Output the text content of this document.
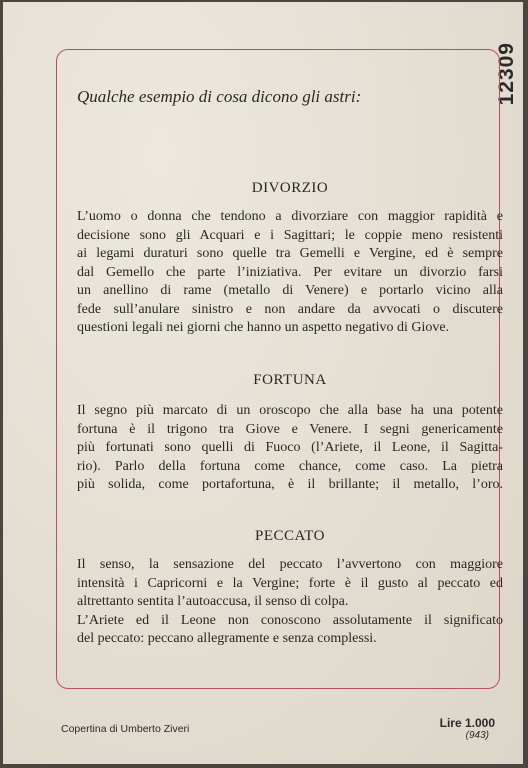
12309
Qualche esempio di cosa dicono gli astri:
DIVORZIO

L’uomo o donna che tendono a divorziare con maggior rapidità e
decisione sono gli Acquari e i Sagittari; le coppie meno resistenti
ai legami duraturi sono quelle tra Gemelli e Vergine, ed è sempre
dal Gemello che parte l’iniziativa. Per evitare un divorzio farsi
un anellino di rame (metallo di Venere) e portarlo vicino alla
fede sull’anulare sinistro e non andare da avvocati o discutere
questioni legali nei giorni che hanno un aspetto negativo di Giove.

FORTUNA

Il segno più marcato di un oroscopo che alla base ha una potente
fortuna è il trigono tra Giove e Venere. I segni genericamente
più fortunati sono quelli di Fuoco (l’Ariete, il Leone, il Sagitta-
rio). Parlo della fortuna come chance, come caso. La pietra
più solida, come portafortuna, è il brillante; il metallo, l’oro.

PECCATO

Il senso, la sensazione del peccato l’avvertono con maggiore
intensità i Capricorni e la Vergine; forte è il gusto al peccato ed
altrettanto sentita l’autoaccusa, il senso di colpa.
L’Ariete ed il Leone non conoscono assolutamente il significato
del peccato: peccano allegramente e senza complessi.

Copertina di Umberto Ziveri	Lire 1.000
(943)
